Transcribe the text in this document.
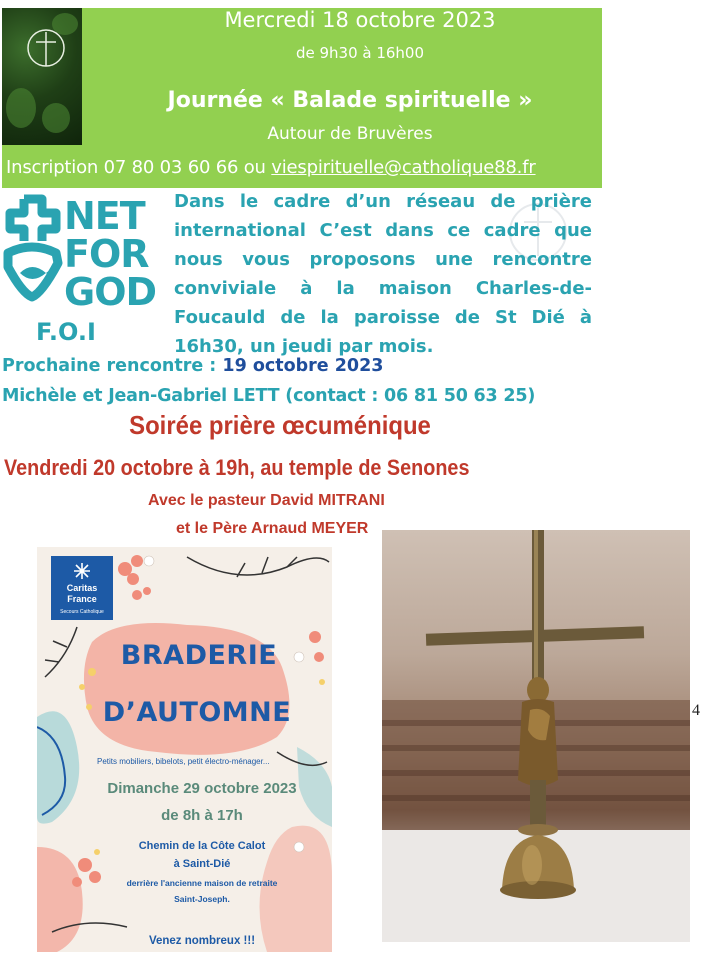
Mercredi 18 octobre 2023
de 9h30 à 16h00
Journée « Balade spirituelle »
Autour de Bruvères
Inscription 07 80 03 60 66 ou viespirituelle@catholique88.fr
NET
FOR
GOD
F.O.I
Dans le cadre d’un réseau de prière
international C’est dans ce cadre que
nous vous proposons une rencontre
conviviale à la maison Charles-de-
Foucauld de la paroisse de St Dié à
16h30, un jeudi par mois.
Prochaine rencontre : 19 octobre 2023
Michèle et Jean-Gabriel LETT (contact : 06 81 50 63 25)
Soirée prière œcuménique
Vendredi 20 octobre à 19h, au temple de Senones
Avec le pasteur David MITRANI
et le Père Arnaud MEYER
Caritas
France
Secours Catholique
BRADERIE
D’AUTOMNE
Petits mobiliers, bibelots, petit électro-ménager...
Dimanche 29 octobre 2023
de 8h à 17h
Chemin de la Côte Calot
à Saint-Dié
derrière l'ancienne maison de retraite
Saint-Joseph.
Venez nombreux !!!
4
